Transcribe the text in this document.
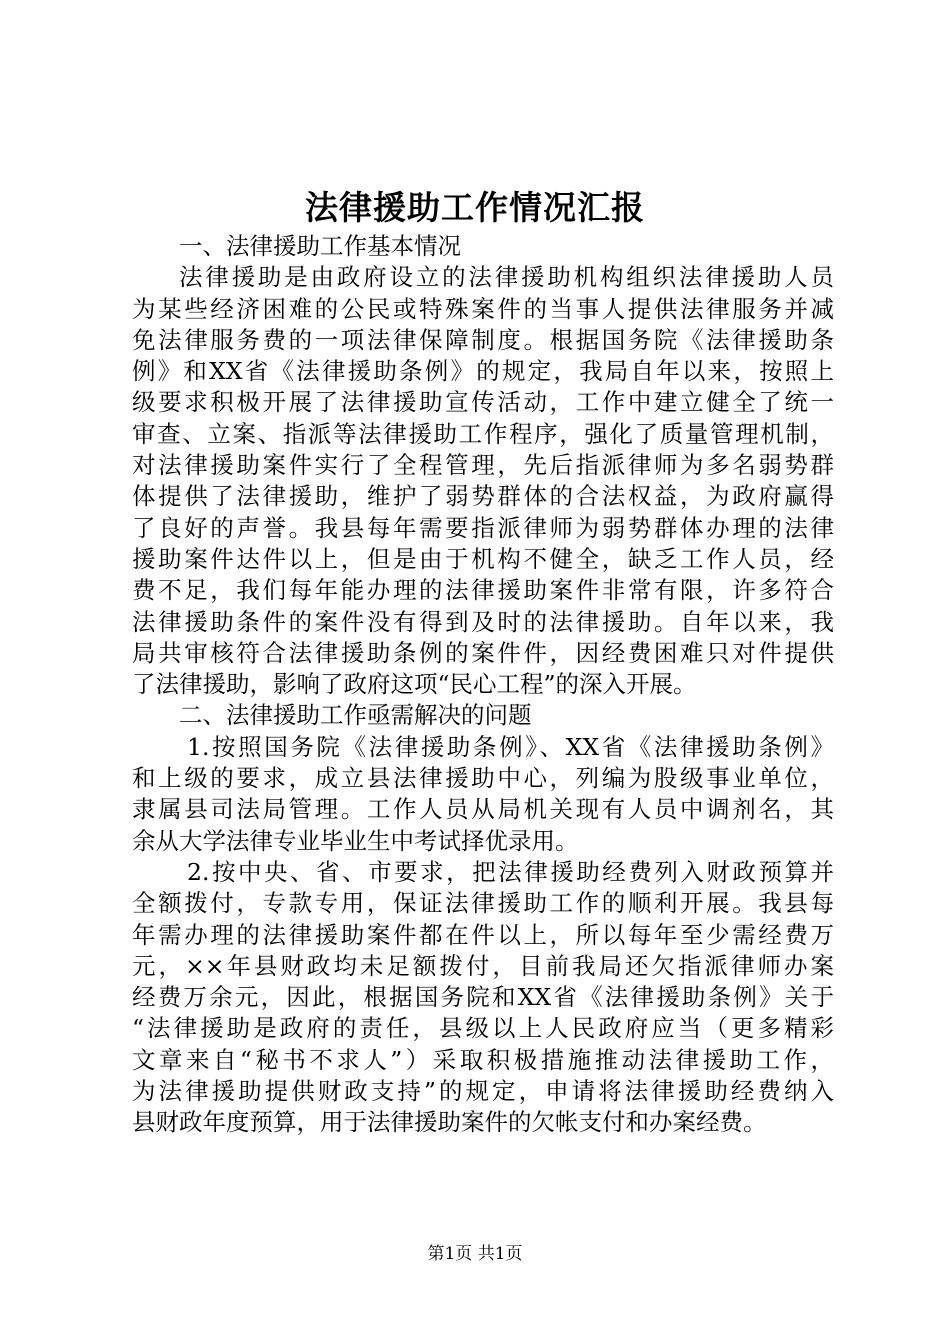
法律援助工作情况汇报
一、法律援助工作基本情况
法律援助是由政府设立的法律援助机构组织法律援助人员
为某些经济困难的公民或特殊案件的当事人提供法律服务并减
免法律服务费的一项法律保障制度。根据国务院《法律援助条
例》和XX省《法律援助条例》的规定，我局自年以来，按照上
级要求积极开展了法律援助宣传活动，工作中建立健全了统一
审查、立案、指派等法律援助工作程序，强化了质量管理机制，
对法律援助案件实行了全程管理，先后指派律师为多名弱势群
体提供了法律援助，维护了弱势群体的合法权益，为政府赢得
了良好的声誉。我县每年需要指派律师为弱势群体办理的法律
援助案件达件以上，但是由于机构不健全，缺乏工作人员，经
费不足，我们每年能办理的法律援助案件非常有限，许多符合
法律援助条件的案件没有得到及时的法律援助。自年以来，我
局共审核符合法律援助条例的案件件，因经费困难只对件提供
了法律援助，影响了政府这项“民心工程”的深入开展。
二、法律援助工作亟需解决的问题
1.按照国务院《法律援助条例》、XX省《法律援助条例》
和上级的要求，成立县法律援助中心，列编为股级事业单位，
隶属县司法局管理。工作人员从局机关现有人员中调剂名，其
余从大学法律专业毕业生中考试择优录用。
2.按中央、省、市要求，把法律援助经费列入财政预算并
全额拨付，专款专用，保证法律援助工作的顺利开展。我县每
年需办理的法律援助案件都在件以上，所以每年至少需经费万
元，××年县财政均未足额拨付，目前我局还欠指派律师办案
经费万余元，因此，根据国务院和XX省《法律援助条例》关于
“法律援助是政府的责任，县级以上人民政府应当（更多精彩
文章来自“秘书不求人”）采取积极措施推动法律援助工作，
为法律援助提供财政支持”的规定，申请将法律援助经费纳入
县财政年度预算，用于法律援助案件的欠帐支付和办案经费。
第1页 共1页
